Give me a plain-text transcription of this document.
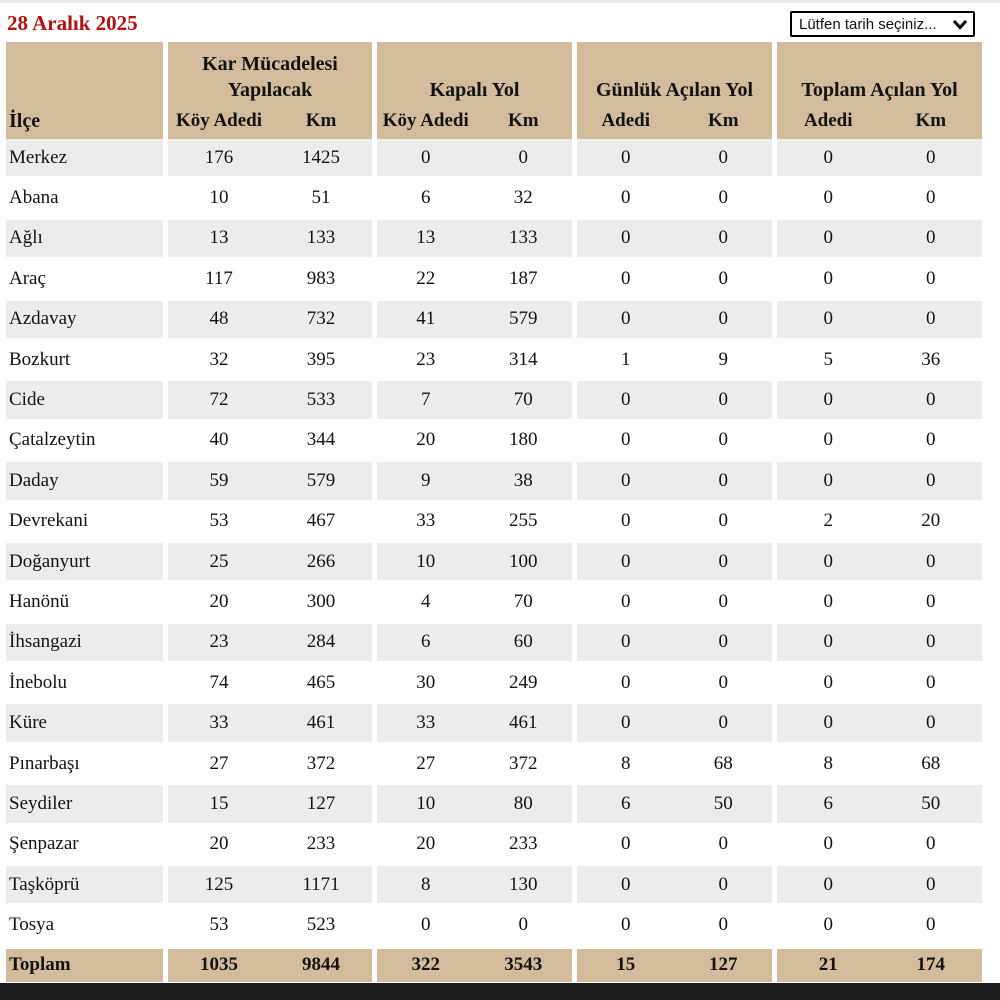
28 Aralık 2025	Lütfen tarih seçiniz...
İlçe
Kar Mücadelesi
Yapılacak
Köy Adedi	Km
Kapalı Yol
Köy Adedi	Km
Günlük Açılan Yol
Adedi	Km
Toplam Açılan Yol
Adedi	Km
Merkez	176	1425	0	0	0	0	0	0
Abana	10	51	6	32	0	0	0	0
Ağlı	13	133	13	133	0	0	0	0
Araç	117	983	22	187	0	0	0	0
Azdavay	48	732	41	579	0	0	0	0
Bozkurt	32	395	23	314	1	9	5	36
Cide	72	533	7	70	0	0	0	0
Çatalzeytin	40	344	20	180	0	0	0	0
Daday	59	579	9	38	0	0	0	0
Devrekani	53	467	33	255	0	0	2	20
Doğanyurt	25	266	10	100	0	0	0	0
Hanönü	20	300	4	70	0	0	0	0
İhsangazi	23	284	6	60	0	0	0	0
İnebolu	74	465	30	249	0	0	0	0
Küre	33	461	33	461	0	0	0	0
Pınarbaşı	27	372	27	372	8	68	8	68
Seydiler	15	127	10	80	6	50	6	50
Şenpazar	20	233	20	233	0	0	0	0
Taşköprü	125	1171	8	130	0	0	0	0
Tosya	53	523	0	0	0	0	0	0
Toplam	1035	9844	322	3543	15	127	21	174
